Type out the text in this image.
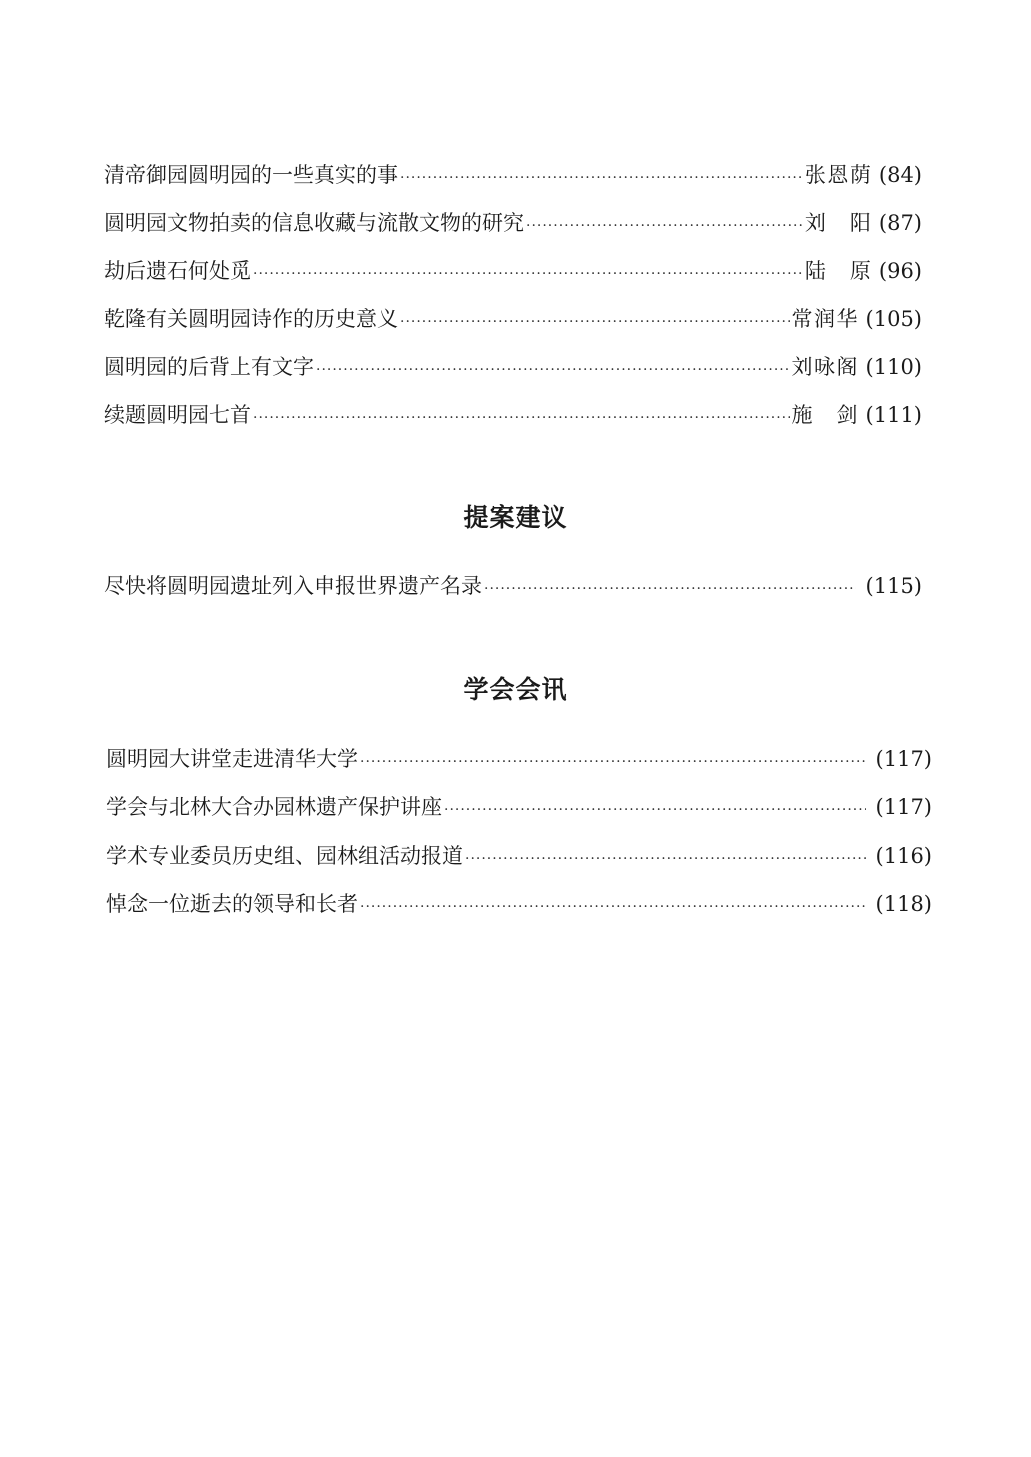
清帝御园圆明园的一些真实的事 ·····	张恩荫 (84)
圆明园文物拍卖的信息收藏与流散文物的研究 ·····	刘 阳 (87)
劫后遗石何处觅 ·····	陆 原 (96)
乾隆有关圆明园诗作的历史意义 ·····	常润华 (105)
圆明园的后背上有文字 ·····	刘咏阁 (110)
续题圆明园七首 ·····	施 剑 (111)
提案建议
尽快将圆明园遗址列入申报世界遗产名录 ·····	(115)
学会会讯
圆明园大讲堂走进清华大学 ·····	(117)
学会与北林大合办园林遗产保护讲座 ·····	(117)
学术专业委员历史组、园林组活动报道 ·····	(116)
悼念一位逝去的领导和长者 ·····	(118)
